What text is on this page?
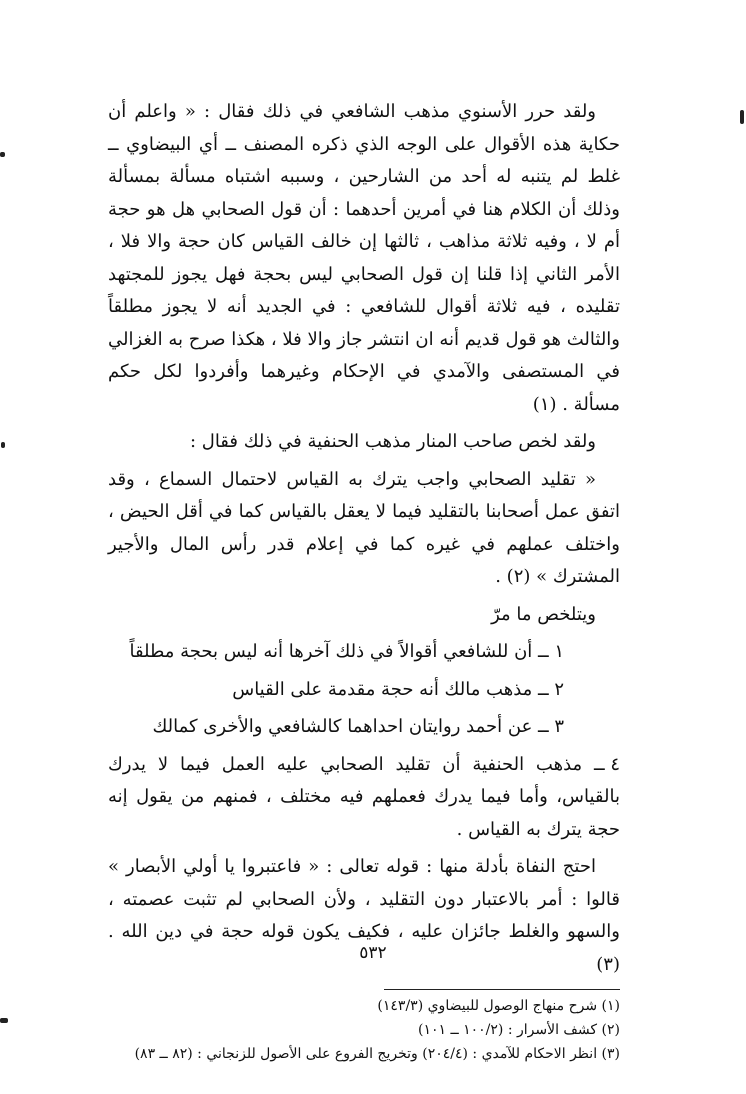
ولقد حرر الأسنوي مذهب الشافعي في ذلك فقال : « واعلم أن حكاية هذه الأقوال على الوجه الذي ذكره المصنف ــ أي البيضاوي ــ غلط لم يتنبه له أحد من الشارحين ، وسببه اشتباه مسألة بمسألة وذلك أن الكلام هنا في أمرين أحدهما : أن قول الصحابي هل هو حجة أم لا ، وفيه ثلاثة مذاهب ، ثالثها إن خالف القياس كان حجة والا فلا ، الأمر الثاني إذا قلنا إن قول الصحابي ليس بحجة فهل يجوز للمجتهد تقليده ، فيه ثلاثة أقوال للشافعي : في الجديد أنه لا يجوز مطلقاً والثالث هو قول قديم أنه ان انتشر جاز والا فلا ، هكذا صرح به الغزالي في المستصفى والآمدي في الإحكام وغيرهما وأفردوا لكل حكم مسألة . (١)

ولقد لخص صاحب المنار مذهب الحنفية في ذلك فقال :

« تقليد الصحابي واجب يترك به القياس لاحتمال السماع ، وقد اتفق عمل أصحابنا بالتقليد فيما لا يعقل بالقياس كما في أقل الحيض ، واختلف عملهم في غيره كما في إعلام قدر رأس المال والأجير المشترك » (٢) .

ويتلخص ما مرّ

١ ــ أن للشافعي أقوالاً في ذلك آخرها أنه ليس بحجة مطلقاً

٢ ــ مذهب مالك أنه حجة مقدمة على القياس

٣ ــ عن أحمد روايتان احداهما كالشافعي والأخرى كمالك

٤ ــ مذهب الحنفية أن تقليد الصحابي عليه العمل فيما لا يدرك بالقياس، وأما فيما يدرك فعملهم فيه مختلف ، فمنهم من يقول إنه حجة يترك به القياس .

احتج النفاة بأدلة منها : قوله تعالى : « فاعتبروا يا أولي الأبصار » قالوا : أمر بالاعتبار دون التقليد ، ولأن الصحابي لم تثبت عصمته ، والسهو والغلط جائزان عليه ، فكيف يكون قوله حجة في دين الله . (٣)

(١) شرح منهاج الوصول للبيضاوي (١٤٣/٣)

(٢) كشف الأسرار : (١٠٠/٢ ــ ١٠١)

(٣) انظر الاحكام للآمدي : (٢٠٤/٤) وتخريج الفروع على الأصول للزنجاني : (٨٢ ــ ٨٣)

٥٣٢
